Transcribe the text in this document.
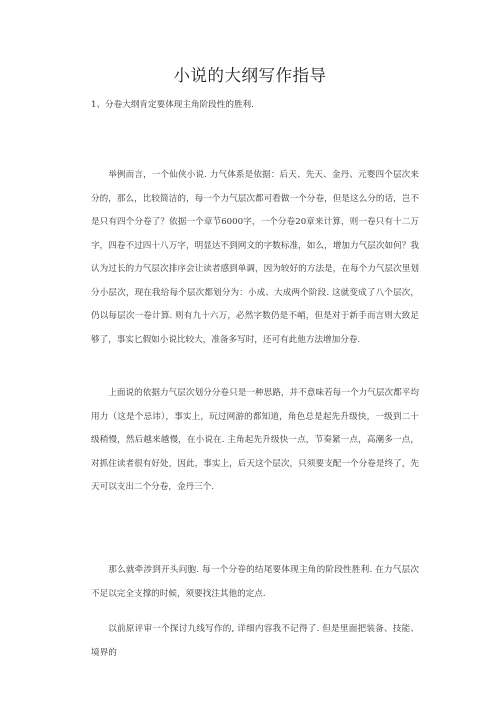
小说的大纲写作指导
1、分卷大纲肯定要体现主角阶段性的胜利.

举例而言，一个仙侠小说. 力气体系是依据：后天、先天、金丹、元婴四个层次来分的，那么，比较简洁的，每一个力气层次都可看做一个分卷，但是这么分的话，岂不是只有四个分卷了？依据一个章节6000字，一个分卷20章来计算，则一卷只有十二万字，四卷不过四十八万字，明显达不到网文的字数标准，如么，增加力气层次如何？我认为过长的力气层次排序会让读者感到单调，因为较好的方法是，在每个力气层次里划分小层次，现在我给每个层次都划分为：小成、大成两个阶段. 这就变成了八个层次，仍以每层次一卷计算. 则有九十六万，必然字数仍是不峭，但是对于新手而言则大致足够了，事实匕假如小说比较大，准备多写时，还可有此他方法增加分卷.

上面说的依据力气层次划分分卷只是一种思路，并不意味若每一个力气层次都平均用力（这是个忌讳），事实上，玩过网游的都知道，角色总是起先升级快，一级到二十级稍慢，然后越来越慢，在小说在. 主角起先升级快一点，节奏紧一点，高潮多一点，对抓住读者很有好处，因此，事实上，后天这个层次，只须要支配一个分卷是终了，先天可以支出二个分卷，金丹三个.

那么就牵涉到开头问胞. 每一个分卷的结尾要体现主角的阶段性胜利. 在力气层次不足以完全支撑的时候，须要找注其他的定点.

以前原评审一个探讨九线写作的, 详细内容我不记得了. 但是里面把装备、技能、境界的
